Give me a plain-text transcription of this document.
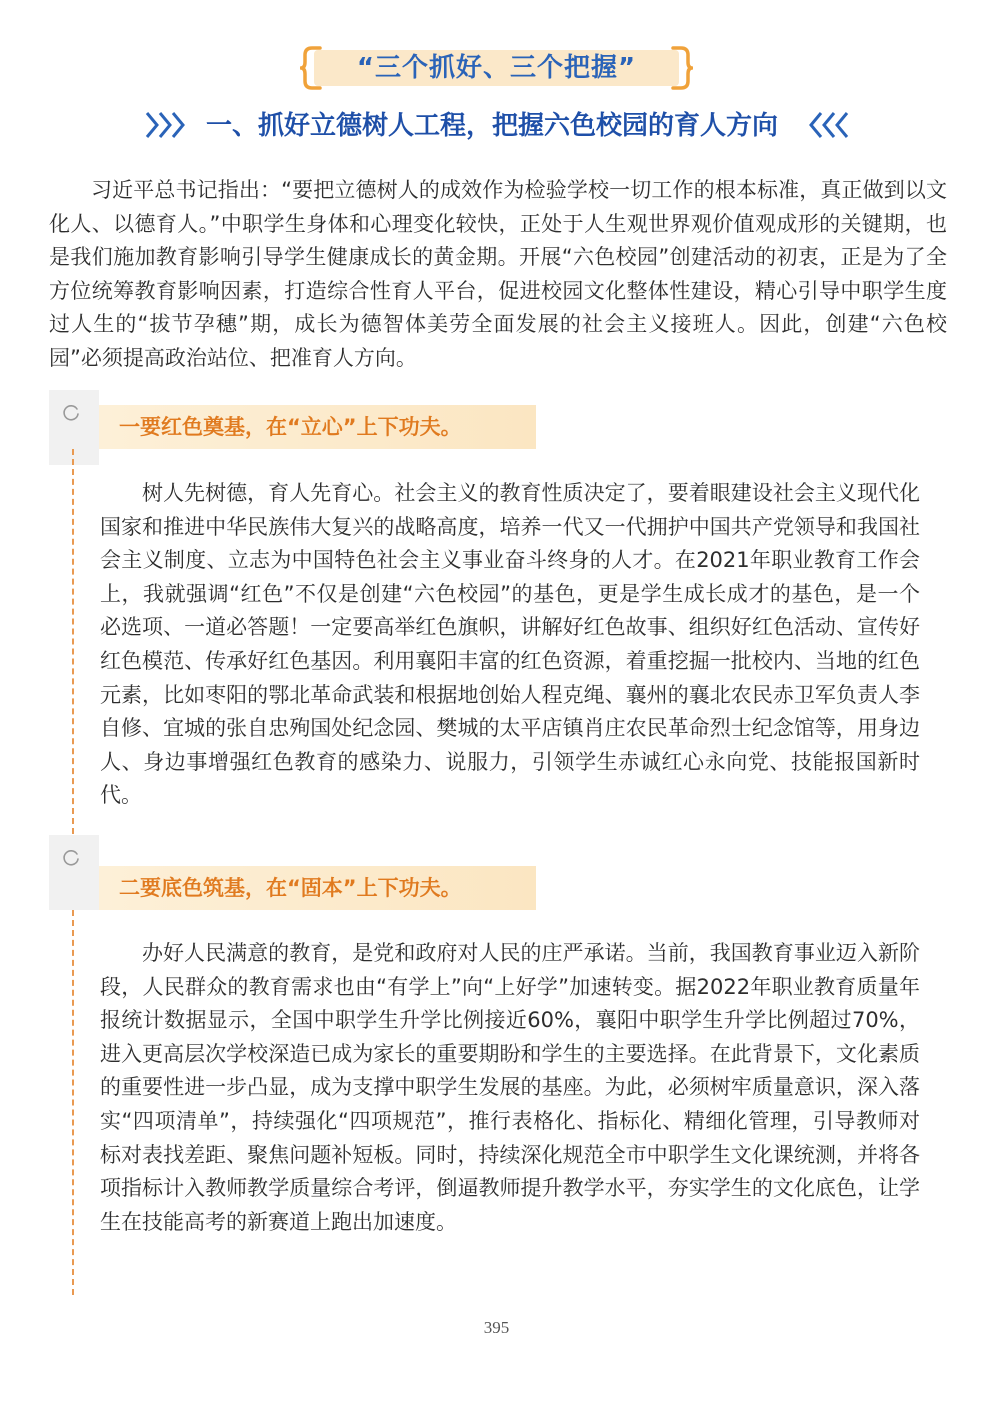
“三个抓好、三个把握”
一、抓好立德树人工程，把握六色校园的育人方向

习近平总书记指出：“要把立德树人的成效作为检验学校一切工作的根本标准，真正做到以文化人、以德育人。”中职学生身体和心理变化较快，正处于人生观世界观价值观成形的关键期，也是我们施加教育影响引导学生健康成长的黄金期。开展“六色校园”创建活动的初衷，正是为了全方位统筹教育影响因素，打造综合性育人平台，促进校园文化整体性建设，精心引导中职学生度过人生的“拔节孕穗”期，成长为德智体美劳全面发展的社会主义接班人。因此，创建“六色校园”必须提高政治站位、把准育人方向。

一要红色奠基，在“立心”上下功夫。

树人先树德，育人先育心。社会主义的教育性质决定了，要着眼建设社会主义现代化国家和推进中华民族伟大复兴的战略高度，培养一代又一代拥护中国共产党领导和我国社会主义制度、立志为中国特色社会主义事业奋斗终身的人才。在2021年职业教育工作会上，我就强调“红色”不仅是创建“六色校园”的基色，更是学生成长成才的基色，是一个必选项、一道必答题！一定要高举红色旗帜，讲解好红色故事、组织好红色活动、宣传好红色模范、传承好红色基因。利用襄阳丰富的红色资源，着重挖掘一批校内、当地的红色元素，比如枣阳的鄂北革命武装和根据地创始人程克绳、襄州的襄北农民赤卫军负责人李自修、宜城的张自忠殉国处纪念园、樊城的太平店镇肖庄农民革命烈士纪念馆等，用身边人、身边事增强红色教育的感染力、说服力，引领学生赤诚红心永向党、技能报国新时代。

二要底色筑基，在“固本”上下功夫。

办好人民满意的教育，是党和政府对人民的庄严承诺。当前，我国教育事业迈入新阶段，人民群众的教育需求也由“有学上”向“上好学”加速转变。据2022年职业教育质量年报统计数据显示，全国中职学生升学比例接近60%，襄阳中职学生升学比例超过70%，进入更高层次学校深造已成为家长的重要期盼和学生的主要选择。在此背景下，文化素质的重要性进一步凸显，成为支撑中职学生发展的基座。为此，必须树牢质量意识，深入落实“四项清单”，持续强化“四项规范”，推行表格化、指标化、精细化管理，引导教师对标对表找差距、聚焦问题补短板。同时，持续深化规范全市中职学生文化课统测，并将各项指标计入教师教学质量综合考评，倒逼教师提升教学水平，夯实学生的文化底色，让学生在技能高考的新赛道上跑出加速度。

395
